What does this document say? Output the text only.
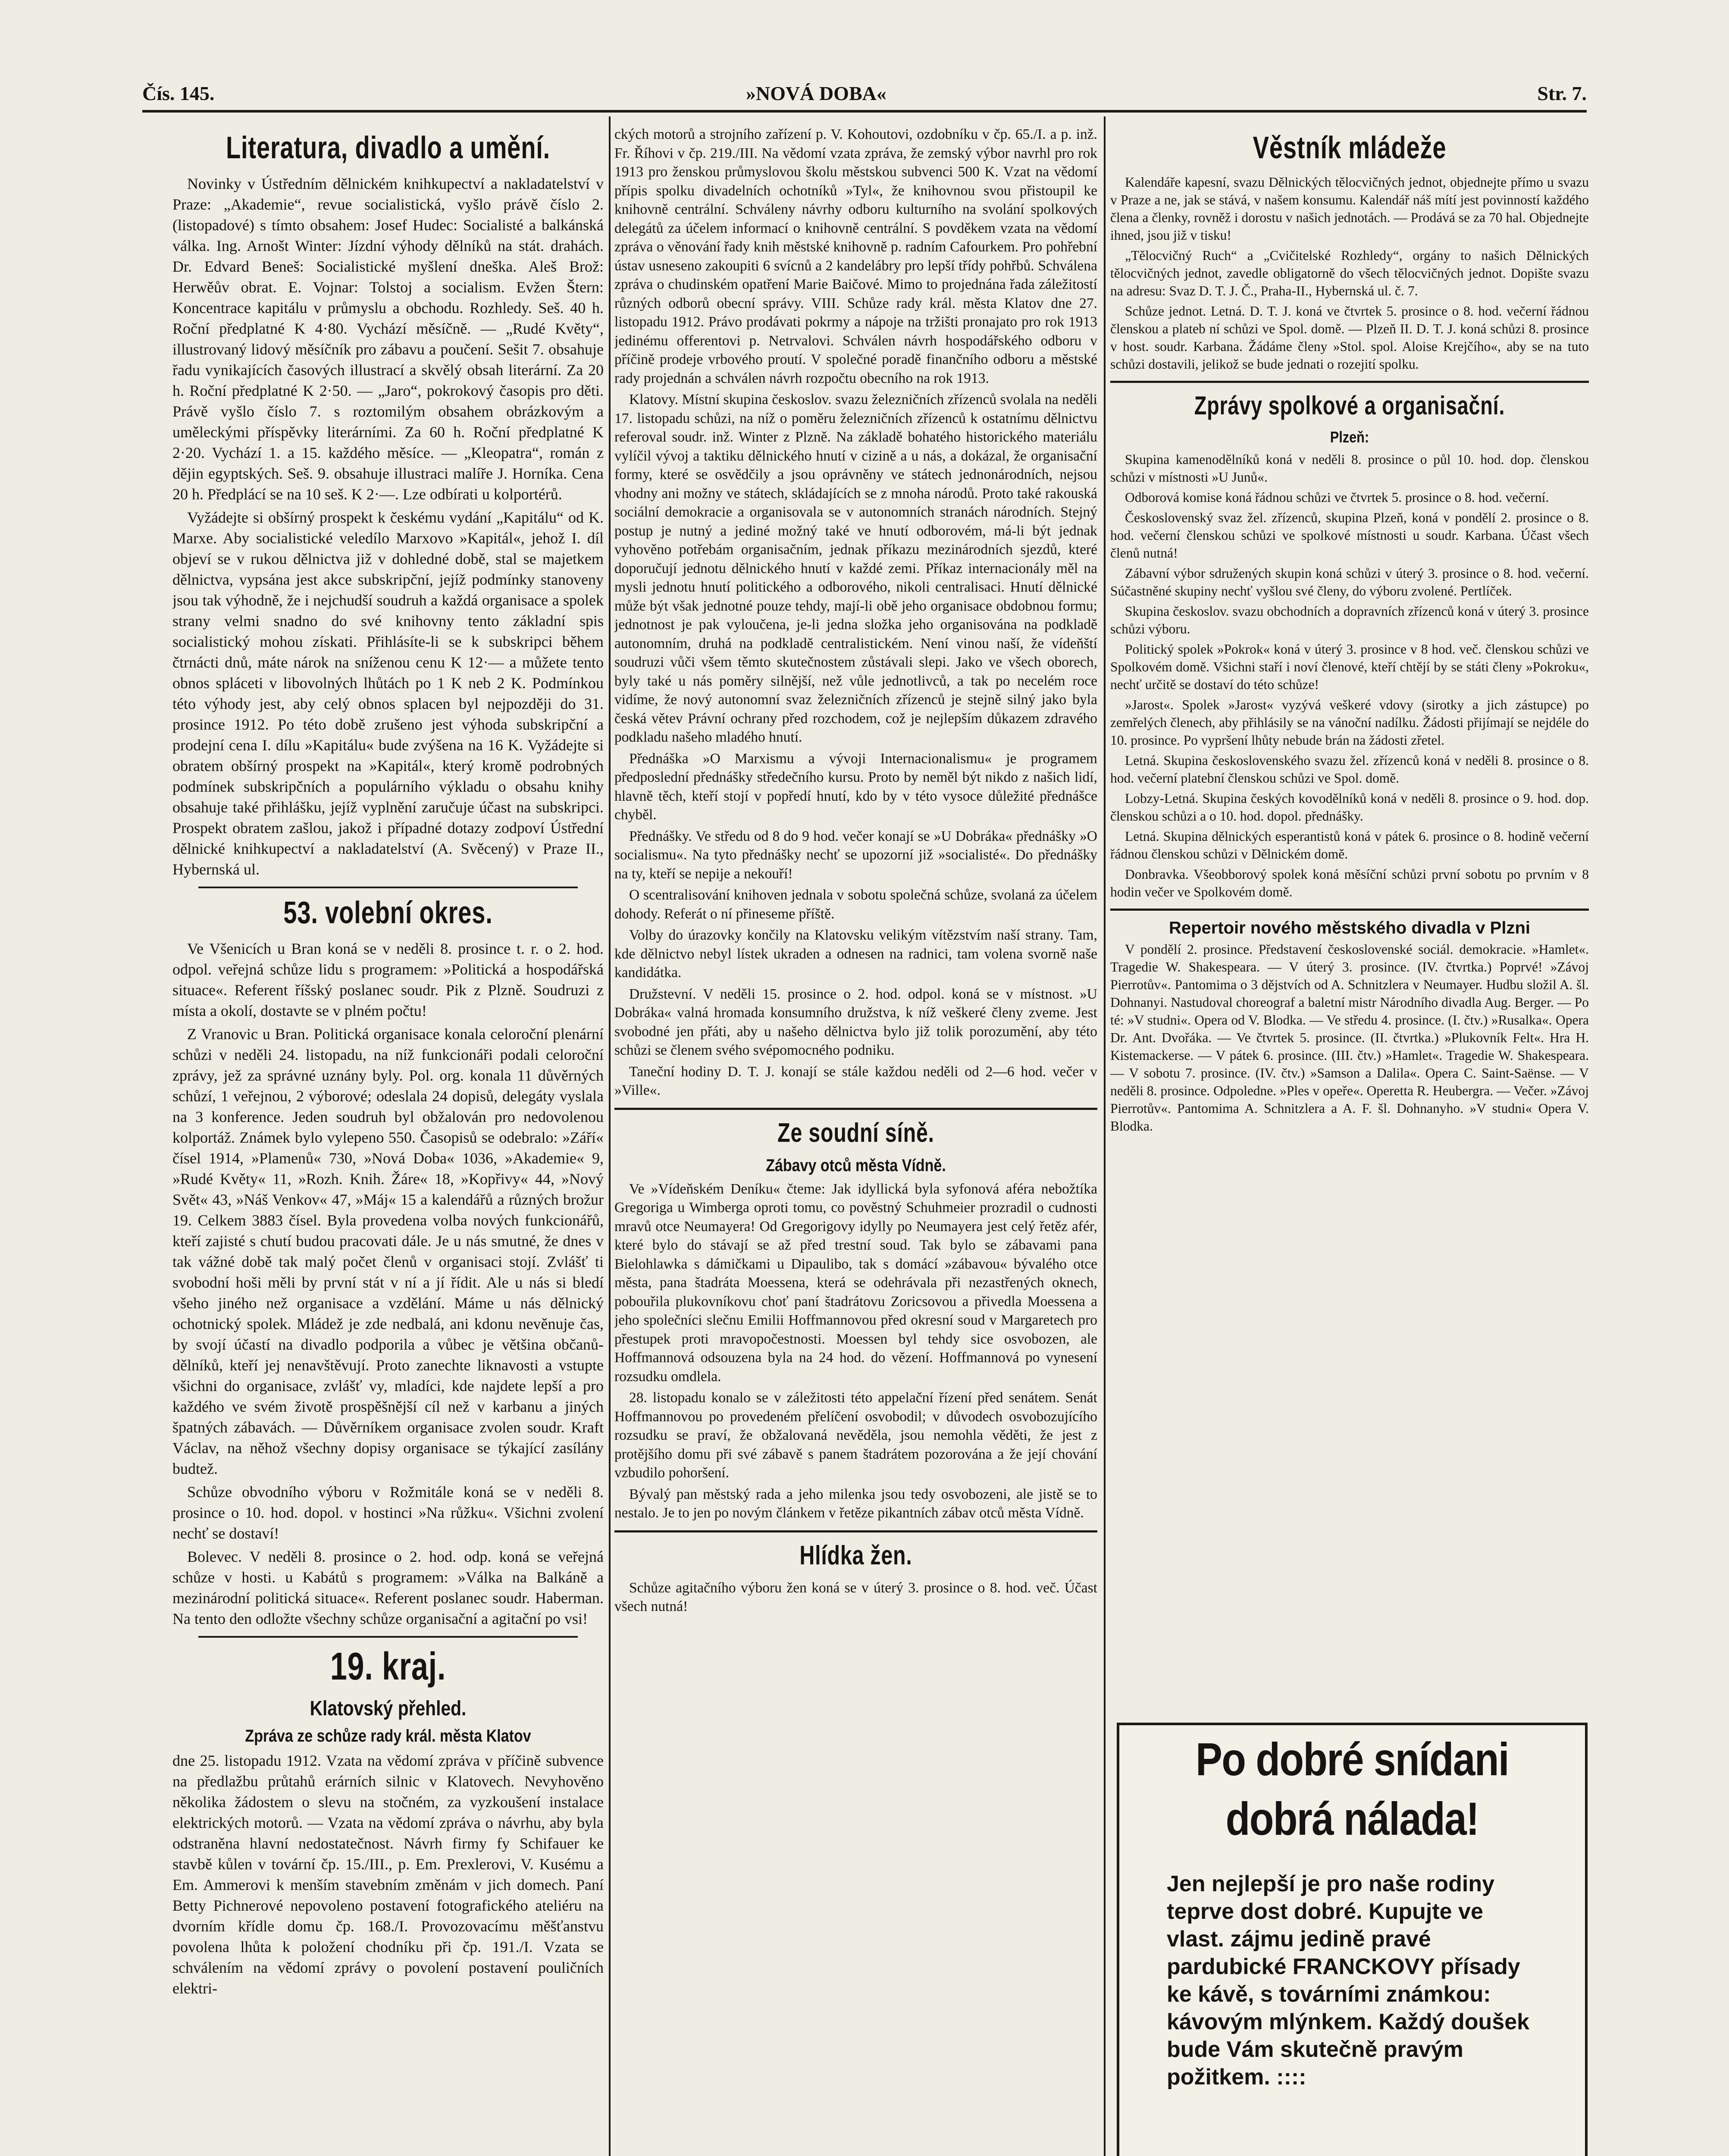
Čís. 145.	»NOVÁ DOBA«	Str. 7.
Literatura, divadlo a umění.

Novinky v Ústředním dělnickém knihkupectví a nakladatelství v Praze: „Akademie“, revue socialistická, vyšlo právě číslo 2. (listopadové) s tímto obsahem: Josef Hudec: Socialisté a balkánská válka. Ing. Arnošt Winter: Jízdní výhody dělníků na stát. drahách. Dr. Edvard Beneš: Socialistické myšlení dneška. Aleš Brož: Herwěův obrat. E. Vojnar: Tolstoj a socialism. Evžen Štern: Koncentrace kapitálu v průmyslu a obchodu. Rozhledy. Seš. 40 h. Roční předplatné K 4·80. Vychází měsíčně. — „Rudé Květy“, illustrovaný lidový měsíčník pro zábavu a poučení. Sešit 7. obsahuje řadu vynikajících časových illustrací a skvělý obsah literární. Za 20 h. Roční předplatné K 2·50. — „Jaro“, pokrokový časopis pro děti. Právě vyšlo číslo 7. s roztomilým obsahem obrázkovým a uměleckými příspěvky literárními. Za 60 h. Roční předplatné K 2·20. Vychází 1. a 15. každého měsíce. — „Kleopatra“, román z dějin egyptských. Seš. 9. obsahuje illustraci malíře J. Horníka. Cena 20 h. Předplácí se na 10 seš. K 2·—. Lze odbírati u kolportérů.

Vyžádejte si obšírný prospekt k českému vydání „Kapitálu“ od K. Marxe. Aby socialistické veledílo Marxovo »Kapitál«, jehož I. díl objeví se v rukou dělnictva již v dohledné době, stal se majetkem dělnictva, vypsána jest akce subskripční, jejíž podmínky stanoveny jsou tak výhodně, že i nejchudší soudruh a každá organisace a spolek strany velmi snadno do své knihovny tento základní spis socialistický mohou získati. Přihlásíte-li se k subskripci během čtrnácti dnů, máte nárok na sníženou cenu K 12·— a můžete tento obnos spláceti v libovolných lhůtách po 1 K neb 2 K. Podmínkou této výhody jest, aby celý obnos splacen byl nejpozději do 31. prosince 1912. Po této době zrušeno jest výhoda subskripční a prodejní cena I. dílu »Kapitálu« bude zvýšena na 16 K. Vyžádejte si obratem obšírný prospekt na »Kapitál«, který kromě podrobných podmínek subskripčních a populárního výkladu o obsahu knihy obsahuje také přihlášku, jejíž vyplnění zaručuje účast na subskripci. Prospekt obratem zašlou, jakož i případné dotazy zodpoví Ústřední dělnické knihkupectví a nakladatelství (A. Svěcený) v Praze II., Hybernská ul.

53. volební okres.

Ve Všenicích u Bran koná se v neděli 8. prosince t. r. o 2. hod. odpol. veřejná schůze lidu s programem: »Politická a hospodářská situace«. Referent říšský poslanec soudr. Pik z Plzně. Soudruzi z místa a okolí, dostavte se v plném počtu!

Z Vranovic u Bran. Politická organisace konala celoroční plenární schůzi v neděli 24. listopadu, na níž funkcionáři podali celoroční zprávy, jež za správné uznány byly. Pol. org. konala 11 důvěrných schůzí, 1 veřejnou, 2 výborové; odeslala 24 dopisů, delegáty vyslala na 3 konference. Jeden soudruh byl obžalován pro nedovolenou kolportáž. Známek bylo vylepeno 550. Časopisů se odebralo: »Září« čísel 1914, »Plamenů« 730, »Nová Doba« 1036, »Akademie« 9, »Rudé Květy« 11, »Rozh. Knih. Žáre« 18, »Kopřivy« 44, »Nový Svět« 43, »Náš Venkov« 47, »Máj« 15 a kalendářů a různých brožur 19. Celkem 3883 čísel. Byla provedena volba nových funkcionářů, kteří zajisté s chutí budou pracovati dále. Je u nás smutné, že dnes v tak vážné době tak malý počet členů v organisaci stojí. Zvlášť ti svobodní hoši měli by první stát v ní a jí řídit. Ale u nás si bledí všeho jiného než organisace a vzdělání. Máme u nás dělnický ochotnický spolek. Mládež je zde nedbalá, ani kdonu nevěnuje čas, by svojí účastí na divadlo podporila a vůbec je většina občanů-dělníků, kteří jej nenavštěvují. Proto zanechte liknavosti a vstupte všichni do organisace, zvlášť vy, mladíci, kde najdete lepší a pro každého ve svém životě prospěšnější cíl než v karbanu a jiných špatných zábavách. — Důvěrníkem organisace zvolen soudr. Kraft Václav, na něhož všechny dopisy organisace se týkající zasílány budtež.

Schůze obvodního výboru v Rožmitále koná se v neděli 8. prosince o 10. hod. dopol. v hostinci »Na růžku«. Všichni zvolení nechť se dostaví!

Bolevec. V neděli 8. prosince o 2. hod. odp. koná se veřejná schůze v hosti. u Kabátů s programem: »Válka na Balkáně a mezinárodní politická situace«. Referent poslanec soudr. Haberman. Na tento den odložte všechny schůze organisační a agitační po vsi!

19. kraj.
Klatovský přehled.
Zpráva ze schůze rady král. města Klatov

dne 25. listopadu 1912. Vzata na vědomí zpráva v příčině subvence na předlažbu průtahů erárních silnic v Klatovech. Nevyhověno několika žádostem o slevu na stočném, za vyzkoušení instalace elektrických motorů. — Vzata na vědomí zpráva o návrhu, aby byla odstraněna hlavní nedostatečnost. Návrh firmy fy Schifauer ke stavbě kůlen v tovární čp. 15./III., p. Em. Prexlerovi, V. Kusému a Em. Ammerovi k menším stavebním změnám v jich domech. Paní Betty Pichnerové nepovoleno postavení fotografického ateliéru na dvorním křídle domu čp. 168./I. Provozovacímu měšťanstvu povolena lhůta k položení chodníku při čp. 191./I. Vzata se schválením na vědomí zprávy o povolení postavení pouličních elektri-

ckých motorů a strojního zařízení p. V. Kohoutovi, ozdobníku v čp. 65./I. a p. inž. Fr. Říhovi v čp. 219./III. Na vědomí vzata zpráva, že zemský výbor navrhl pro rok 1913 pro ženskou průmyslovou školu městskou subvenci 500 K. Vzat na vědomí přípis spolku divadelních ochotníků »Tyl«, že knihovnou svou přistoupil ke knihovně centrální. Schváleny návrhy odboru kulturního na svolání spolkových delegátů za účelem informací o knihovně centrální. S povděkem vzata na vědomí zpráva o věnování řady knih městské knihovně p. radním Cafourkem. Pro pohřební ústav usneseno zakoupiti 6 svícnů a 2 kandelábry pro lepší třídy pohřbů. Schválena zpráva o chudinském opatření Marie Baičové. Mimo to projednána řada záležitostí různých odborů obecní správy. VIII. Schůze rady král. města Klatov dne 27. listopadu 1912. Právo prodávati pokrmy a nápoje na tržišti pronajato pro rok 1913 jedinému offerentovi p. Netrvalovi. Schválen návrh hospodářského odboru v příčině prodeje vrbového proutí. V společné poradě finančního odboru a městské rady projednán a schválen návrh rozpočtu obecního na rok 1913.

Klatovy. Místní skupina českoslov. svazu železničních zřízenců svolala na neděli 17. listopadu schůzi, na níž o poměru železničních zřízenců k ostatnímu dělnictvu referoval soudr. inž. Winter z Plzně. Na základě bohatého historického materiálu vylíčil vývoj a taktiku dělnického hnutí v cizině a u nás, a dokázal, že organisační formy, které se osvědčily a jsou oprávněny ve státech jednonárodních, nejsou vhodny ani možny ve státech, skládajících se z mnoha národů. Proto také rakouská sociální demokracie a organisovala se v autonomních stranách národních. Stejný postup je nutný a jediné možný také ve hnutí odborovém, má-li být jednak vyhověno potřebám organisačním, jednak příkazu mezinárodních sjezdů, které doporučují jednotu dělnického hnutí v každé zemi. Příkaz internacionály měl na mysli jednotu hnutí politického a odborového, nikoli centralisaci. Hnutí dělnické může být však jednotné pouze tehdy, mají-li obě jeho organisace obdobnou formu; jednotnost je pak vyloučena, je-li jedna složka jeho organisována na podkladě autonomním, druhá na podkladě centralistickém. Není vinou naší, že vídeňští soudruzi vůči všem těmto skutečnostem zůstávali slepi. Jako ve všech oborech, byly také u nás poměry silnější, než vůle jednotlivců, a tak po necelém roce vidíme, že nový autonomní svaz železničních zřízenců je stejně silný jako byla česká větev Právní ochrany před rozchodem, což je nejlepším důkazem zdravého podkladu našeho mladého hnutí.

Přednáška »O Marxismu a vývoji Internacionalismu« je programem předposlední přednášky středečního kursu. Proto by neměl být nikdo z našich lidí, hlavně těch, kteří stojí v popředí hnutí, kdo by v této vysoce důležité přednášce chyběl.

Přednášky. Ve středu od 8 do 9 hod. večer konají se »U Dobráka« přednášky »O socialismu«. Na tyto přednášky nechť se upozorní již »socialisté«. Do přednášky na ty, kteří se nepije a nekouří!

O scentralisování knihoven jednala v sobotu společná schůze, svolaná za účelem dohody. Referát o ní přineseme příště.

Volby do úrazovky končily na Klatovsku velikým vítězstvím naší strany. Tam, kde dělnictvo nebyl lístek ukraden a odnesen na radnici, tam volena svorně naše kandidátka.

Družstevní. V neděli 15. prosince o 2. hod. odpol. koná se v místnost. »U Dobráka« valná hromada konsumního družstva, k níž veškeré členy zveme. Jest svobodné jen přáti, aby u našeho dělnictva bylo již tolik porozumění, aby této schůzi se členem svého svépomocného podniku.

Taneční hodiny D. T. J. konají se stále každou neděli od 2—6 hod. večer v »Ville«.

Ze soudní síně.
Zábavy otců města Vídně.

Ve »Vídeňském Deníku« čteme: Jak idyllická byla syfonová aféra nebožtíka Gregoriga u Wimberga oproti tomu, co pověstný Schuhmeier prozradil o cudnosti mravů otce Neumayera! Od Gregorigovy idylly po Neumayera jest celý řetěz afér, které bylo do stávají se až před trestní soud. Tak bylo se zábavami pana Bielohlawka s dámičkami u Dipaulibo, tak s domácí »zábavou« bývalého otce města, pana štadráta Moessena, která se odehrávala při nezastřených oknech, pobouřila plukovníkovu choť paní štadrátovu Zoricsovou a přivedla Moessena a jeho společníci slečnu Emilii Hoffmannovou před okresní soud v Margaretech pro přestupek proti mravopočestnosti. Moessen byl tehdy sice osvobozen, ale Hoffmannová odsouzena byla na 24 hod. do vězení. Hoffmannová po vynesení rozsudku omdlela.

28. listopadu konalo se v záležitosti této appelační řízení před senátem. Senát Hoffmannovou po provedeném přelíčení osvobodil; v důvodech osvobozujícího rozsudku se praví, že obžalovaná nevěděla, jsou nemohla věděti, že jest z protějšího domu při své zábavě s panem štadrátem pozorována a že její chování vzbudilo pohoršení.

Bývalý pan městský rada a jeho milenka jsou tedy osvobozeni, ale jistě se to nestalo. Je to jen po novým článkem v řetěze pikantních zábav otců města Vídně.

Hlídka žen.

Schůze agitačního výboru žen koná se v úterý 3. prosince o 8. hod. več. Účast všech nutná!

Věstník mládeže

Kalendáře kapesní, svazu Dělnických tělocvičných jednot, objednejte přímo u svazu v Praze a ne, jak se stává, v našem konsumu. Kalendář náš mítí jest povinností každého člena a členky, rovněž i dorostu v našich jednotách. — Prodává se za 70 hal. Objednejte ihned, jsou již v tisku!

„Tělocvičný Ruch“ a „Cvičitelské Rozhledy“, orgány to našich Dělnických tělocvičných jednot, zavedle obligatorně do všech tělocvičných jednot. Dopište svazu na adresu: Svaz D. T. J. Č., Praha-II., Hybernská ul. č. 7.

Schůze jednot. Letná. D. T. J. koná ve čtvrtek 5. prosince o 8. hod. večerní řádnou členskou a plateb ní schůzi ve Spol. domě. — Plzeň II. D. T. J. koná schůzi 8. prosince v host. soudr. Karbana. Žádáme členy »Stol. spol. Aloise Krejčího«, aby se na tuto schůzi dostavili, jelikož se bude jednati o rozejití spolku.

Zprávy spolkové a organisační.
Plzeň:

Skupina kamenodělníků koná v neděli 8. prosince o půl 10. hod. dop. členskou schůzi v místnosti »U Junů«.

Odborová komise koná řádnou schůzi ve čtvrtek 5. prosince o 8. hod. večerní.

Československý svaz žel. zřízenců, skupina Plzeň, koná v pondělí 2. prosince o 8. hod. večerní členskou schůzi ve spolkové místnosti u soudr. Karbana. Účast všech členů nutná!

Zábavní výbor sdružených skupin koná schůzi v úterý 3. prosince o 8. hod. večerní. Súčastněné skupiny nechť vyšlou své členy, do výboru zvolené. Pertlíček.

Skupina českoslov. svazu obchodních a dopravních zřízenců koná v úterý 3. prosince schůzi výboru.

Politický spolek »Pokrok« koná v úterý 3. prosince v 8 hod. več. členskou schůzi ve Spolkovém domě. Všichni staří i noví členové, kteří chtějí by se státi členy »Pokroku«, nechť určitě se dostaví do této schůze!

»Jarost«. Spolek »Jarost« vyzývá veškeré vdovy (sirotky a jich zástupce) po zemřelých členech, aby přihlásily se na vánoční nadílku. Žádosti přijímají se nejdéle do 10. prosince. Po vypršení lhůty nebude brán na žádosti zřetel.

Letná. Skupina československého svazu žel. zřízenců koná v neděli 8. prosince o 8. hod. večerní platební členskou schůzi ve Spol. domě.

Lobzy-Letná. Skupina českých kovodělníků koná v neděli 8. prosince o 9. hod. dop. členskou schůzi a o 10. hod. dopol. přednášky.

Letná. Skupina dělnických esperantistů koná v pátek 6. prosince o 8. hodině večerní řádnou členskou schůzi v Dělnickém domě.

Donbravka. Všeobborový spolek koná měsíční schůzi první sobotu po prvním v 8 hodin večer ve Spolkovém domě.

Repertoir nového městského divadla v Plzni

V pondělí 2. prosince. Představení československé sociál. demokracie. »Hamlet«. Tragedie W. Shakespeara. — V úterý 3. prosince. (IV. čtvrtka.) Poprvé! »Závoj Pierrotův«. Pantomima o 3 dějstvích od A. Schnitzlera v Neumayer. Hudbu složil A. šl. Dohnanyi. Nastudoval choreograf a baletní mistr Národního divadla Aug. Berger. — Po té: »V studni«. Opera od V. Blodka. — Ve středu 4. prosince. (I. čtv.) »Rusalka«. Opera Dr. Ant. Dvořáka. — Ve čtvrtek 5. prosince. (II. čtvrtka.) »Plukovník Felt«. Hra H. Kistemackerse. — V pátek 6. prosince. (III. čtv.) »Hamlet«. Tragedie W. Shakespeara. — V sobotu 7. prosince. (IV. čtv.) »Samson a Dalila«. Opera C. Saint-Saënse. — V neděli 8. prosince. Odpoledne. »Ples v opeře«. Operetta R. Heubergra. — Večer. »Závoj Pierrotův«. Pantomima A. Schnitzlera a A. F. šl. Dohnanyho. »V studni« Opera V. Blodka.

Po dobré snídani
dobrá nálada!
Jen nejlepší je pro naše rodiny teprve dost dobré. Kupujte ve vlast. zájmu jedině pravé pardubické FRANCKOVY přísady ke kávě, s továrními známkou: kávovým mlýnkem. Každý doušek bude Vám skutečně pravým požitkem. ::::
